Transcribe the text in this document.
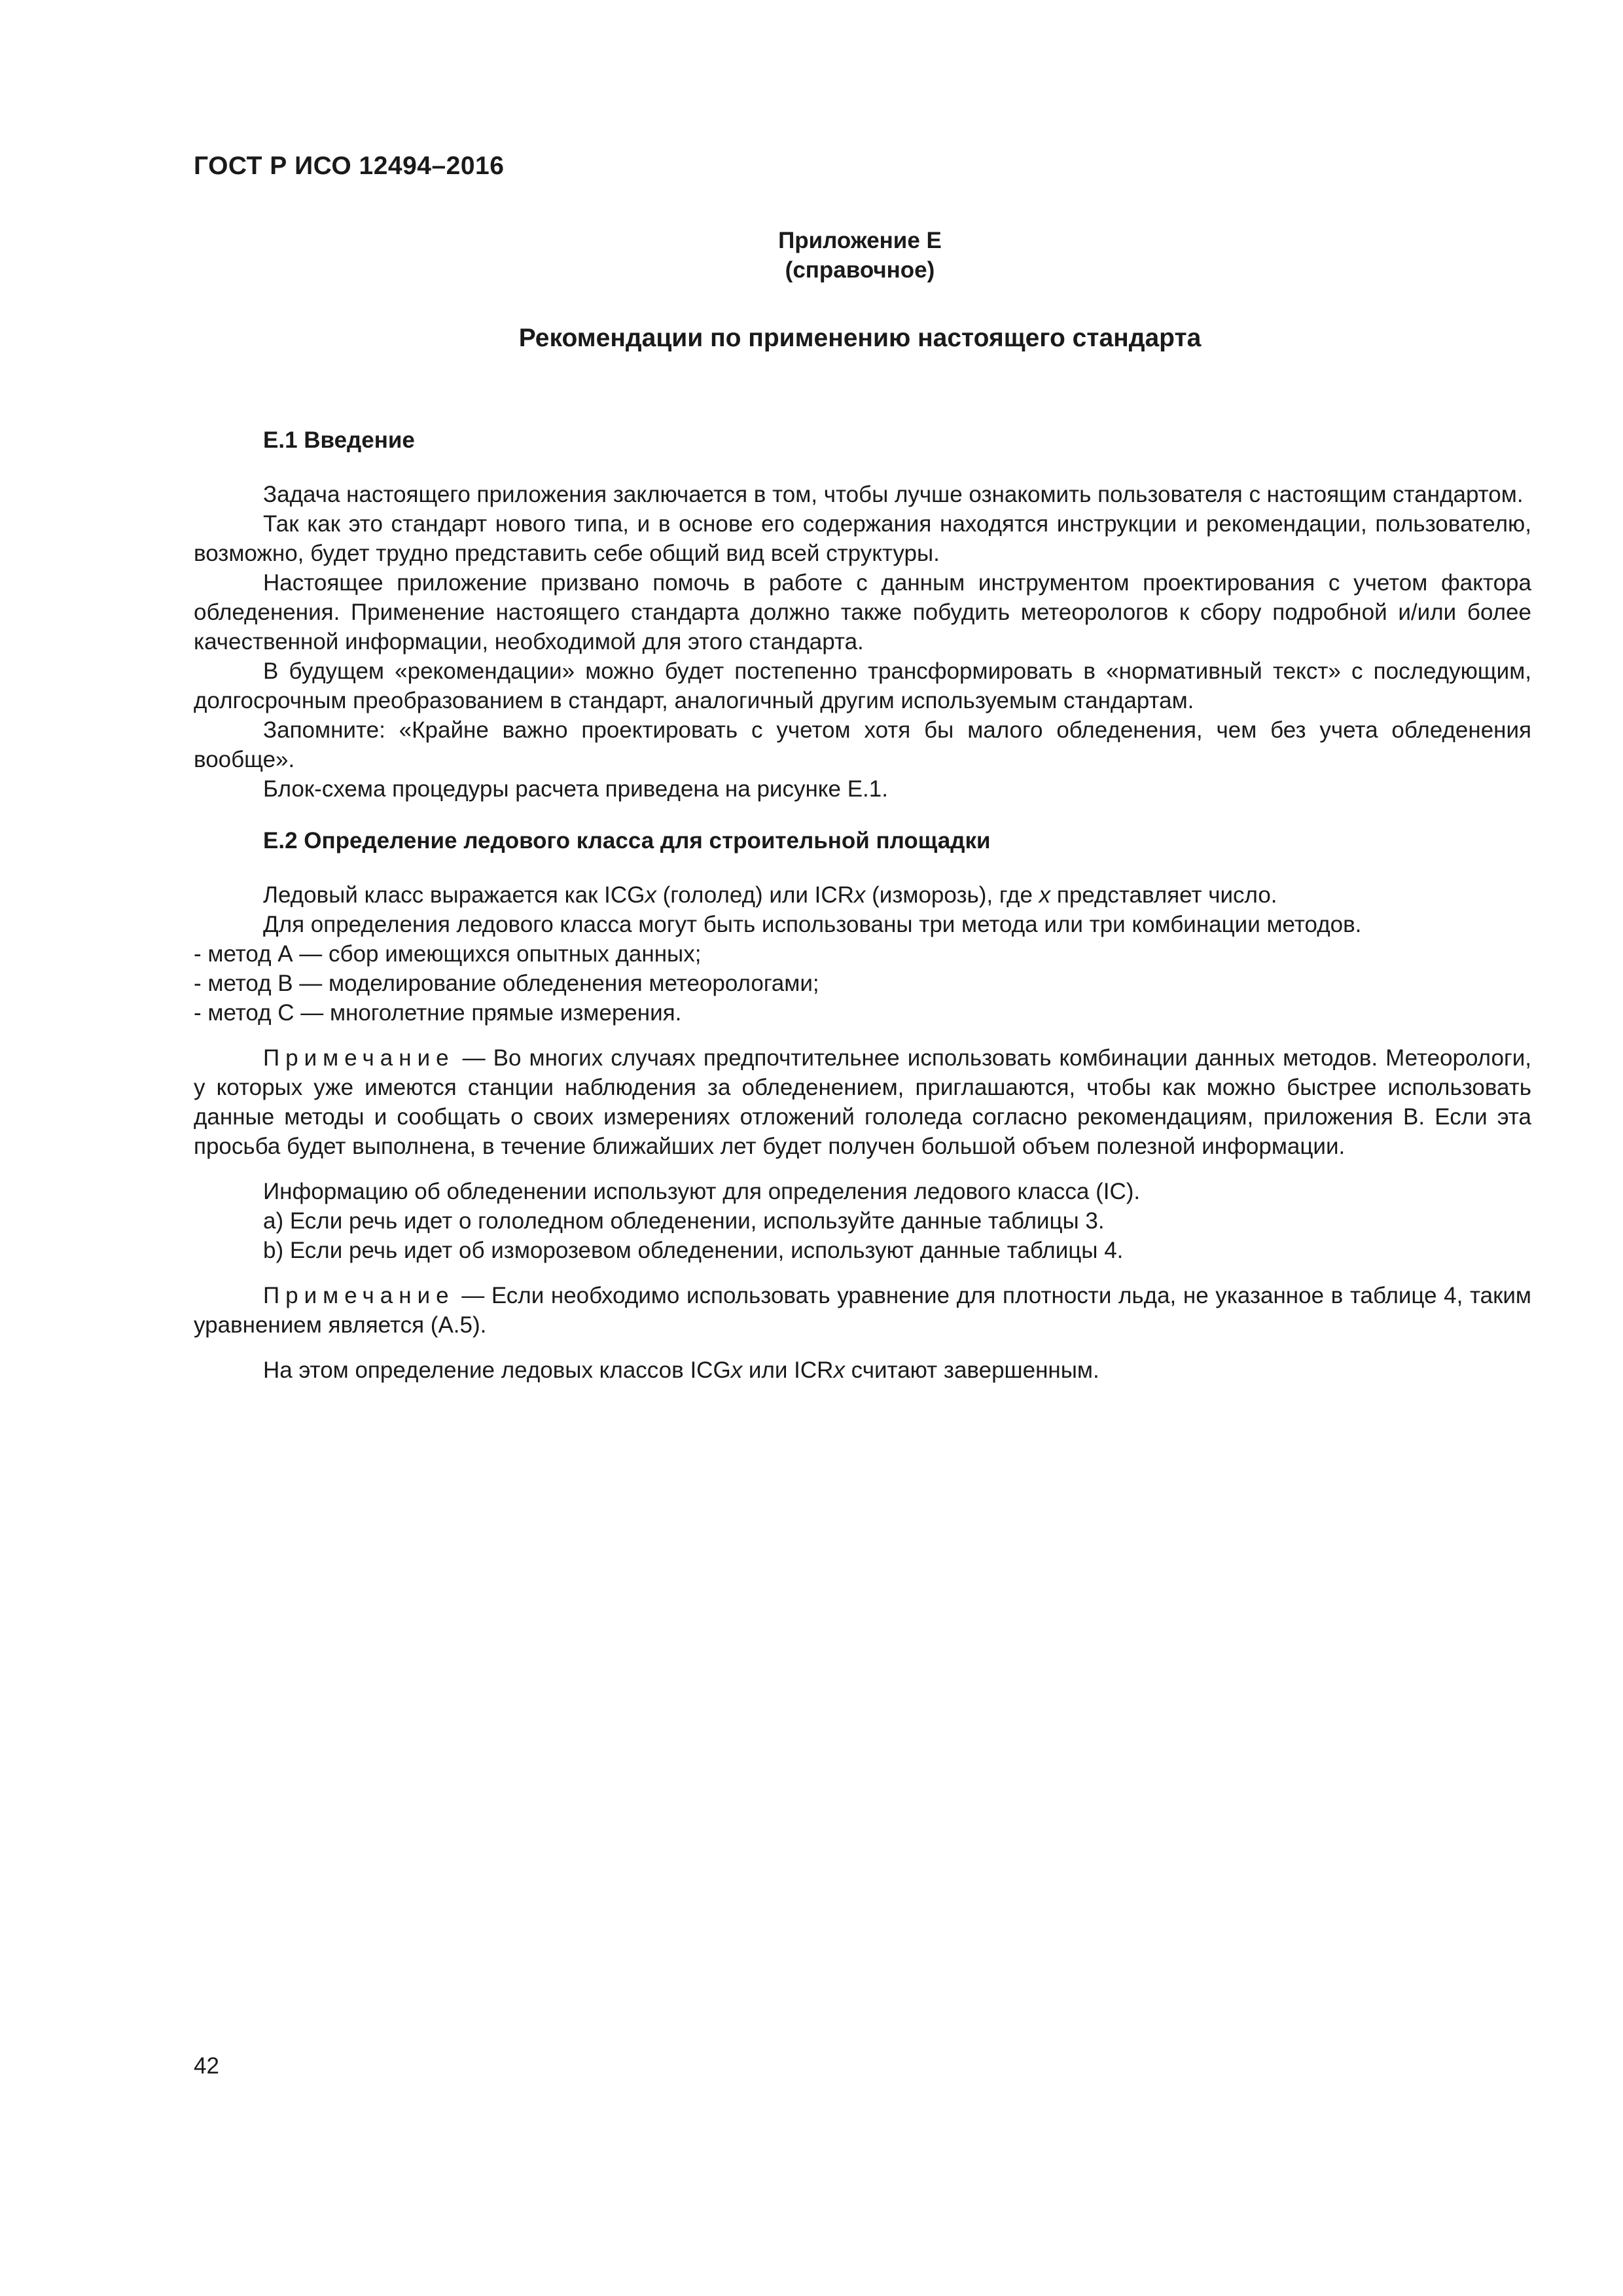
ГОСТ Р ИСО 12494–2016
Приложение Е
(справочное)
Рекомендации по применению настоящего стандарта
Е.1 Введение

Задача настоящего приложения заключается в том, чтобы лучше ознакомить пользователя с настоящим стандартом.

Так как это стандарт нового типа, и в основе его содержания находятся инструкции и рекомендации, пользователю, возможно, будет трудно представить себе общий вид всей структуры.

Настоящее приложение призвано помочь в работе с данным инструментом проектирования с учетом фактора обледенения. Применение настоящего стандарта должно также побудить метеорологов к сбору подробной и/или более качественной информации, необходимой для этого стандарта.

В будущем «рекомендации» можно будет постепенно трансформировать в «нормативный текст» с последующим, долгосрочным преобразованием в стандарт, аналогичный другим используемым стандартам.

Запомните: «Крайне важно проектировать с учетом хотя бы малого обледенения, чем без учета обледенения вообще».

Блок-схема процедуры расчета приведена на рисунке Е.1.

Е.2 Определение ледового класса для строительной площадки

Ледовый класс выражается как ICGx (гололед) или ICRx (изморозь), где x представляет число.

Для определения ледового класса могут быть использованы три метода или три комбинации методов.

- метод А — сбор имеющихся опытных данных;

- метод В — моделирование обледенения метеорологами;

- метод С — многолетние прямые измерения.

Примечание — Во многих случаях предпочтительнее использовать комбинации данных методов. Метеорологи, у которых уже имеются станции наблюдения за обледенением, приглашаются, чтобы как можно быстрее использовать данные методы и сообщать о своих измерениях отложений гололеда согласно рекомендациям, приложения В. Если эта просьба будет выполнена, в течение ближайших лет будет получен большой объем полезной информации.

Информацию об обледенении используют для определения ледового класса (IC).

a) Если речь идет о гололедном обледенении, используйте данные таблицы 3.

b) Если речь идет об изморозевом обледенении, используют данные таблицы 4.

Примечание — Если необходимо использовать уравнение для плотности льда, не указанное в таблице 4, таким уравнением является (А.5).

На этом определение ледовых классов ICGx или ICRx считают завершенным.

42
